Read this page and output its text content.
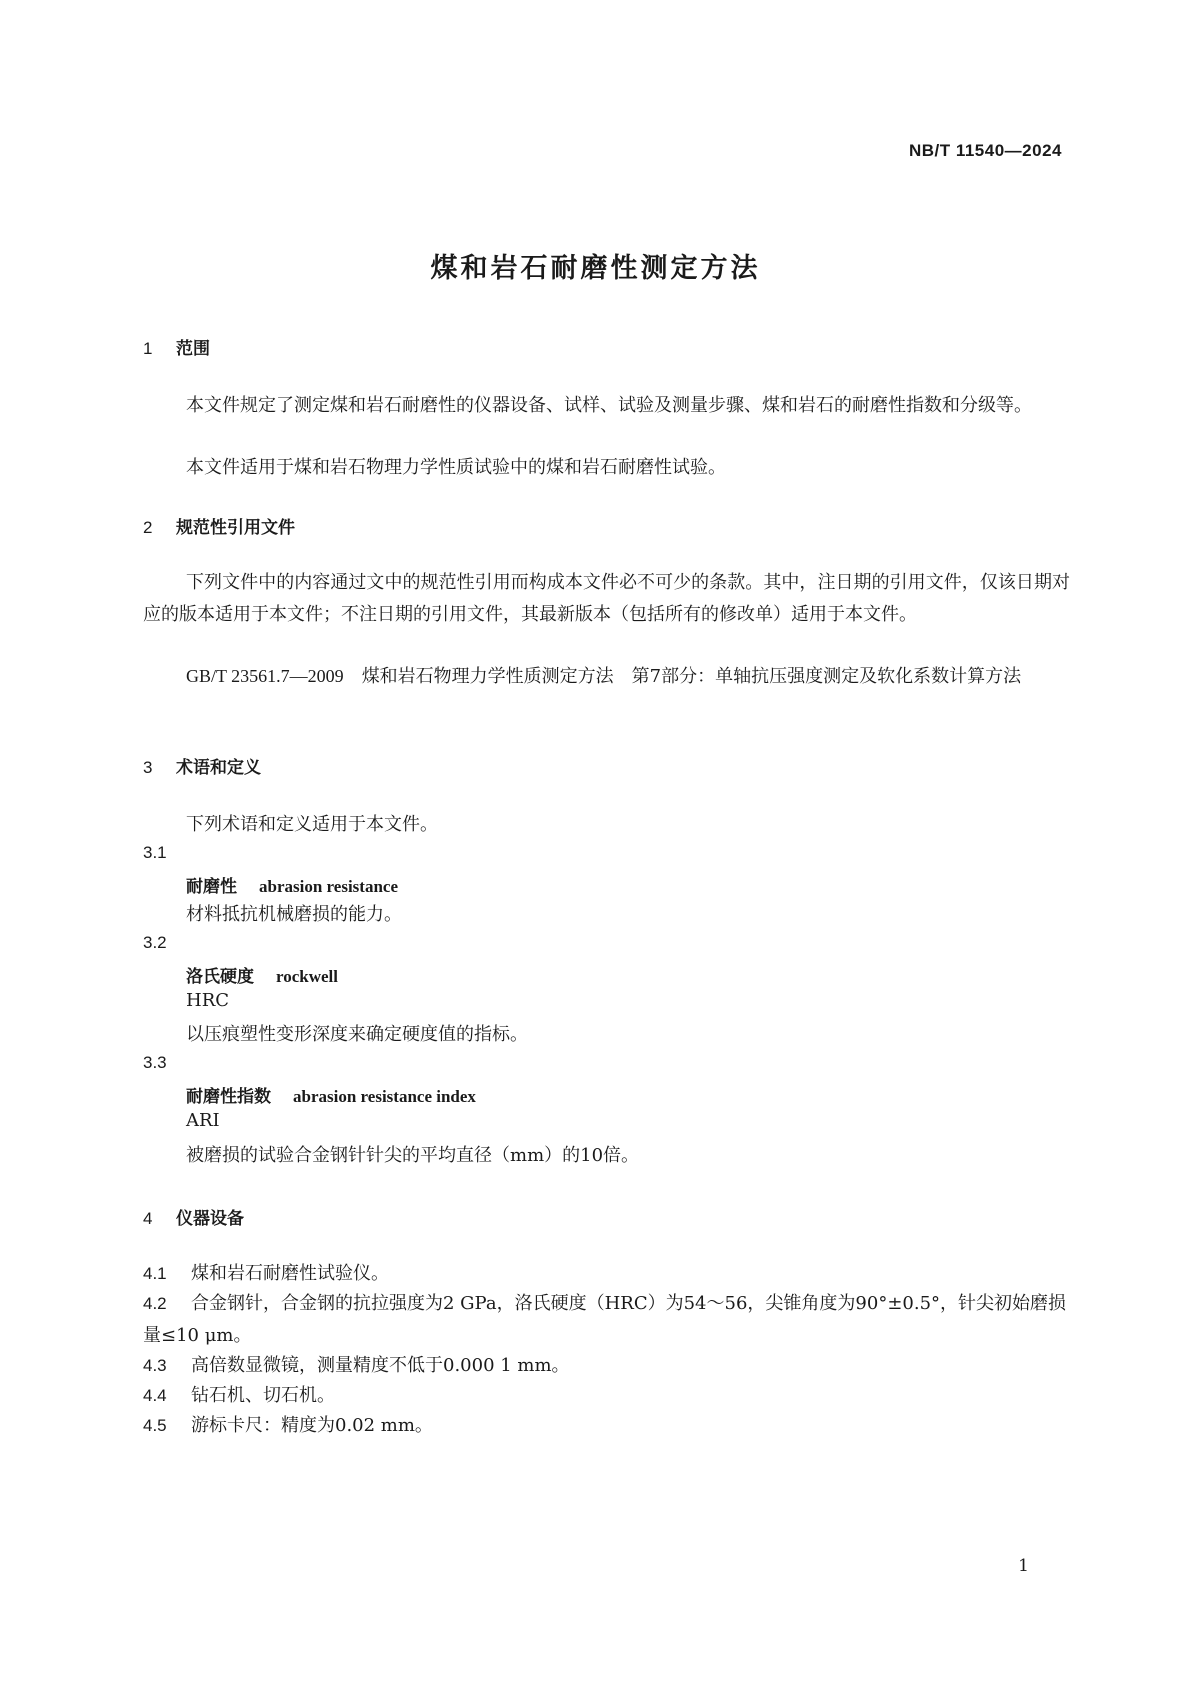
NB/T 11540—2024
煤和岩石耐磨性测定方法
1 范围
本文件规定了测定煤和岩石耐磨性的仪器设备、试样、试验及测量步骤、煤和岩石的耐磨性指数和分级等。
本文件适用于煤和岩石物理力学性质试验中的煤和岩石耐磨性试验。
2 规范性引用文件
下列文件中的内容通过文中的规范性引用而构成本文件必不可少的条款。其中，注日期的引用文件，仅该日期对应的版本适用于本文件；不注日期的引用文件，其最新版本（包括所有的修改单）适用于本文件。
GB/T 23561.7—2009　 煤和岩石物理力学性质测定方法　第7部分：单轴抗压强度测定及软化系数计算方法
3 术语和定义
下列术语和定义适用于本文件。
3.1
耐磨性 abrasion resistance
材料抵抗机械磨损的能力。
3.2
洛氏硬度 rockwell
HRC
以压痕塑性变形深度来确定硬度值的指标。
3.3
耐磨性指数 abrasion resistance index
ARI
被磨损的试验合金钢针针尖的平均直径（mm）的10倍。
4 仪器设备
4.1 煤和岩石耐磨性试验仪。
4.2 合金钢针，合金钢的抗拉强度为2 GPa，洛氏硬度（HRC）为54～56，尖锥角度为90°±0.5°，针尖初始磨损量≤10 μm。
4.3 高倍数显微镜，测量精度不低于0.000 1 mm。
4.4 钻石机、切石机。
4.5 游标卡尺：精度为0.02 mm。
1
